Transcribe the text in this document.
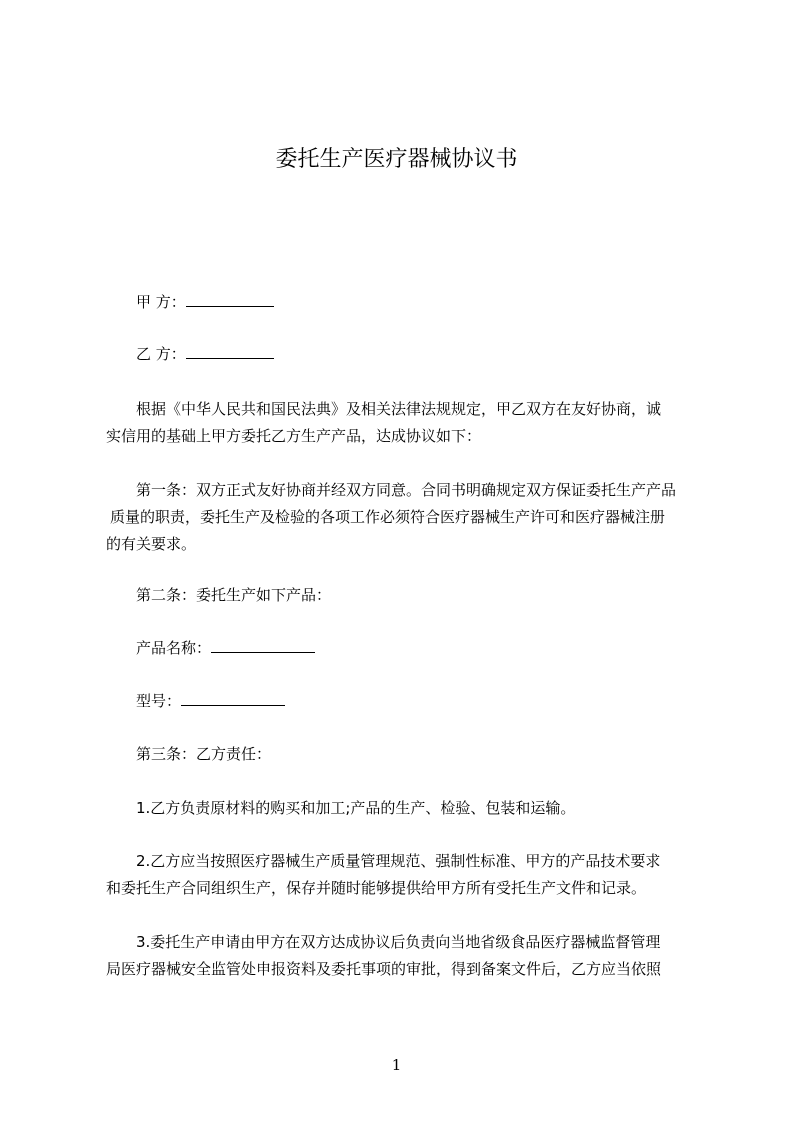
委托生产医疗器械协议书
甲 方：
乙 方：
根据《中华人民共和国民法典》及相关法律法规规定，甲乙双方在友好协商，诚
实信用的基础上甲方委托乙方生产产品，达成协议如下：
第一条：双方正式友好协商并经双方同意。合同书明确规定双方保证委托生产产品
质量的职责，委托生产及检验的各项工作必须符合医疗器械生产许可和医疗器械注册
的有关要求。
第二条：委托生产如下产品：
产品名称：
型号：
第三条：乙方责任：
1.乙方负责原材料的购买和加工;产品的生产、检验、包装和运输。
2.乙方应当按照医疗器械生产质量管理规范、强制性标准、甲方的产品技术要求
和委托生产合同组织生产，保存并随时能够提供给甲方所有受托生产文件和记录。
3.委托生产申请由甲方在双方达成协议后负责向当地省级食品医疗器械监督管理
局医疗器械安全监管处申报资料及委托事项的审批，得到备案文件后，乙方应当依照
1
